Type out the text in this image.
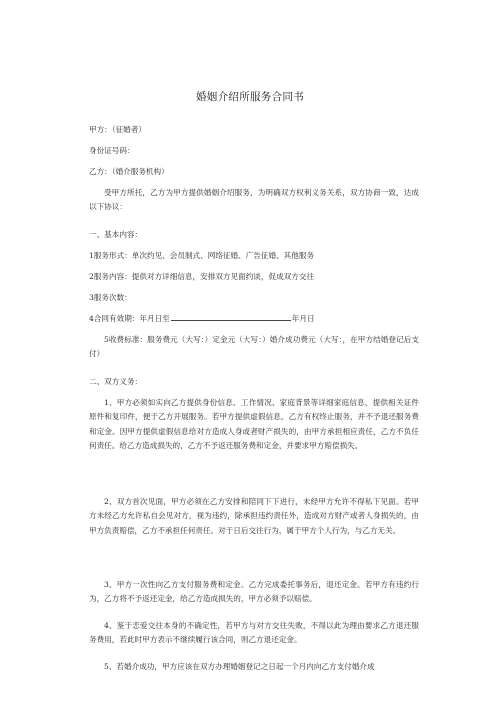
婚姻介绍所服务合同书
甲方：（征婚者）
身份证号码：
乙方：（婚介服务机构）
受甲方所托，乙方为甲方提供婚姻介绍服务，为明确双方权利义务关系，双方协商一致，达成以下协议：
一、基本内容：
1服务形式：单次约见、会员制式、网络征婚、广告征婚、其他服务
2服务内容：提供对方详细信息，安排双方见面约谈，促成双方交往
3服务次数：
4合同有效期：年月日至	年月日
5收费标准：服务费元（大写：）定金元（大写：）婚介成功费元（大写：，在甲方结婚登记后支付）
二、双方义务：
1、甲方必须如实向乙方提供身份信息、工作情况、家庭背景等详细家庭信息，提供相关证件原件和复印件，便于乙方开展服务。若甲方提供虚假信息，乙方有权终止服务，并不予退还服务费和定金。因甲方提供虚假信息给对方造成人身或者财产损失的，由甲方承担相应责任，乙方不负任何责任。给乙方造成损失的，乙方不予返还服务费和定金，并要求甲方赔偿损失。
2、双方首次见面，甲方必须在乙方安排和陪同下下进行，未经甲方允许不得私下见面。若甲方未经乙方允许私自会见对方，视为违约，除承担违约责任外，造成对方财产或者人身损失的，由甲方负责赔偿，乙方不承担任何责任。对于日后交往行为，属于甲方个人行为，与乙方无关。
3、甲方一次性向乙方支付服务费和定金。乙方完成委托事务后，退还定金。若甲方有违约行为，乙方将不予返还定金，给乙方造成损失的，甲方必须予以赔偿。
4、鉴于恋爱交往本身的不确定性，若甲方与对方交往失败，不得以此为理由要求乙方退还服务费用，若此时甲方表示不继续履行该合同，则乙方退还定金。
5、若婚介成功，甲方应该在双方办理婚姻登记之日起一个月内向乙方支付婚介成
